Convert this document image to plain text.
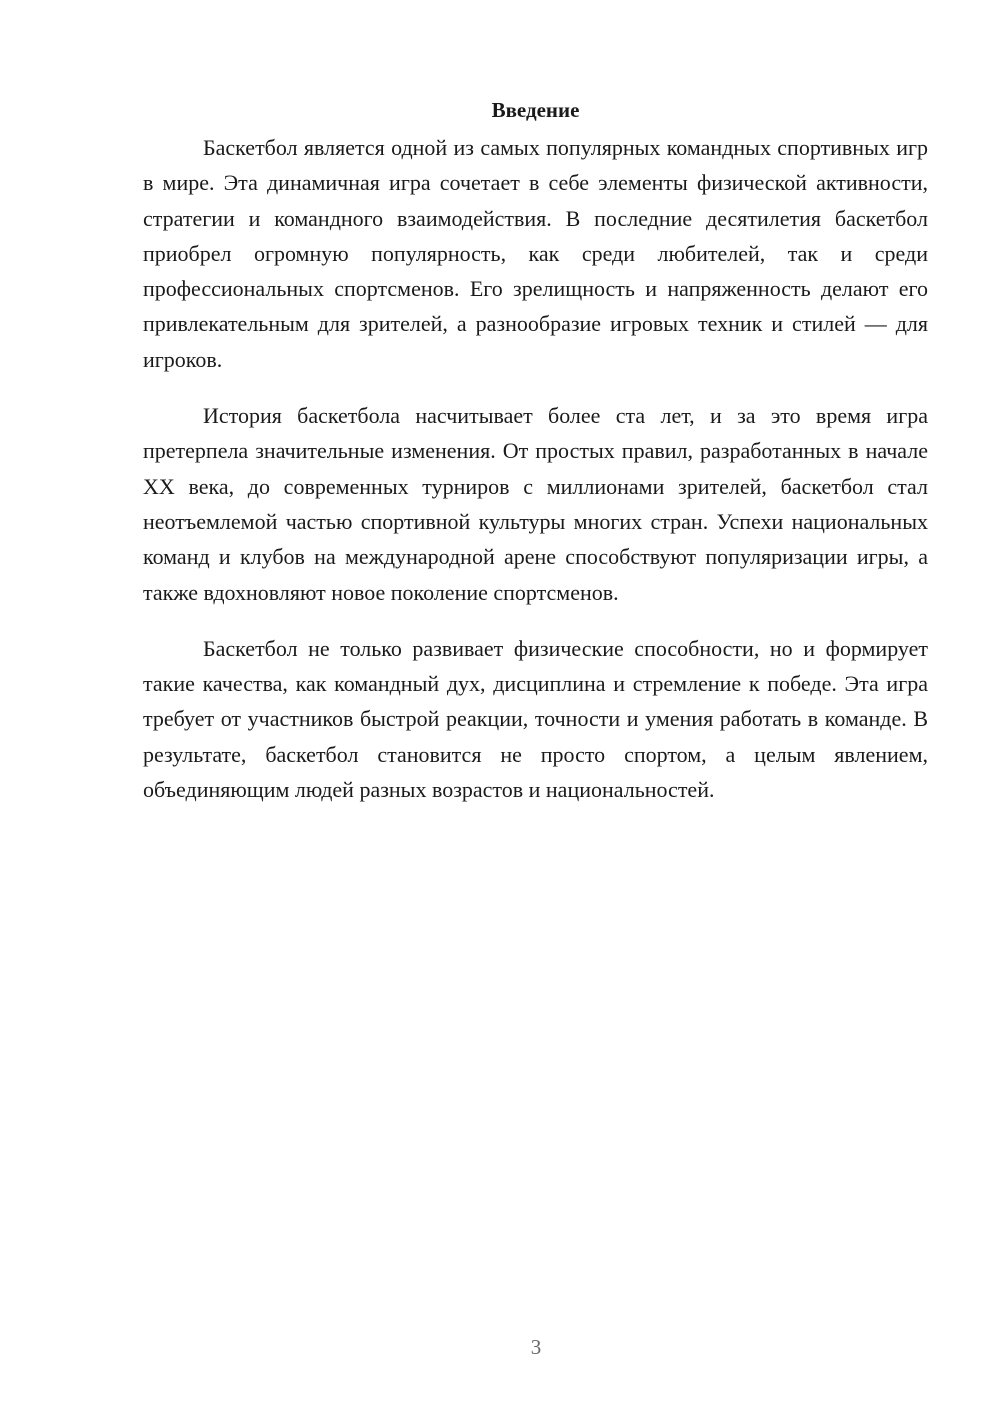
Введение

Баскетбол является одной из самых популярных командных спортивных игр в мире. Эта динамичная игра сочетает в себе элементы физической активности, стратегии и командного взаимодействия. В последние десятилетия баскетбол приобрел огромную популярность, как среди любителей, так и среди профессиональных спортсменов. Его зрелищность и напряженность делают его привлекательным для зрителей, а разнообразие игровых техник и стилей — для игроков.

История баскетбола насчитывает более ста лет, и за это время игра претерпела значительные изменения. От простых правил, разработанных в начале XX века, до современных турниров с миллионами зрителей, баскетбол стал неотъемлемой частью спортивной культуры многих стран. Успехи национальных команд и клубов на международной арене способствуют популяризации игры, а также вдохновляют новое поколение спортсменов.

Баскетбол не только развивает физические способности, но и формирует такие качества, как командный дух, дисциплина и стремление к победе. Эта игра требует от участников быстрой реакции, точности и умения работать в команде. В результате, баскетбол становится не просто спортом, а целым явлением, объединяющим людей разных возрастов и национальностей.

3
